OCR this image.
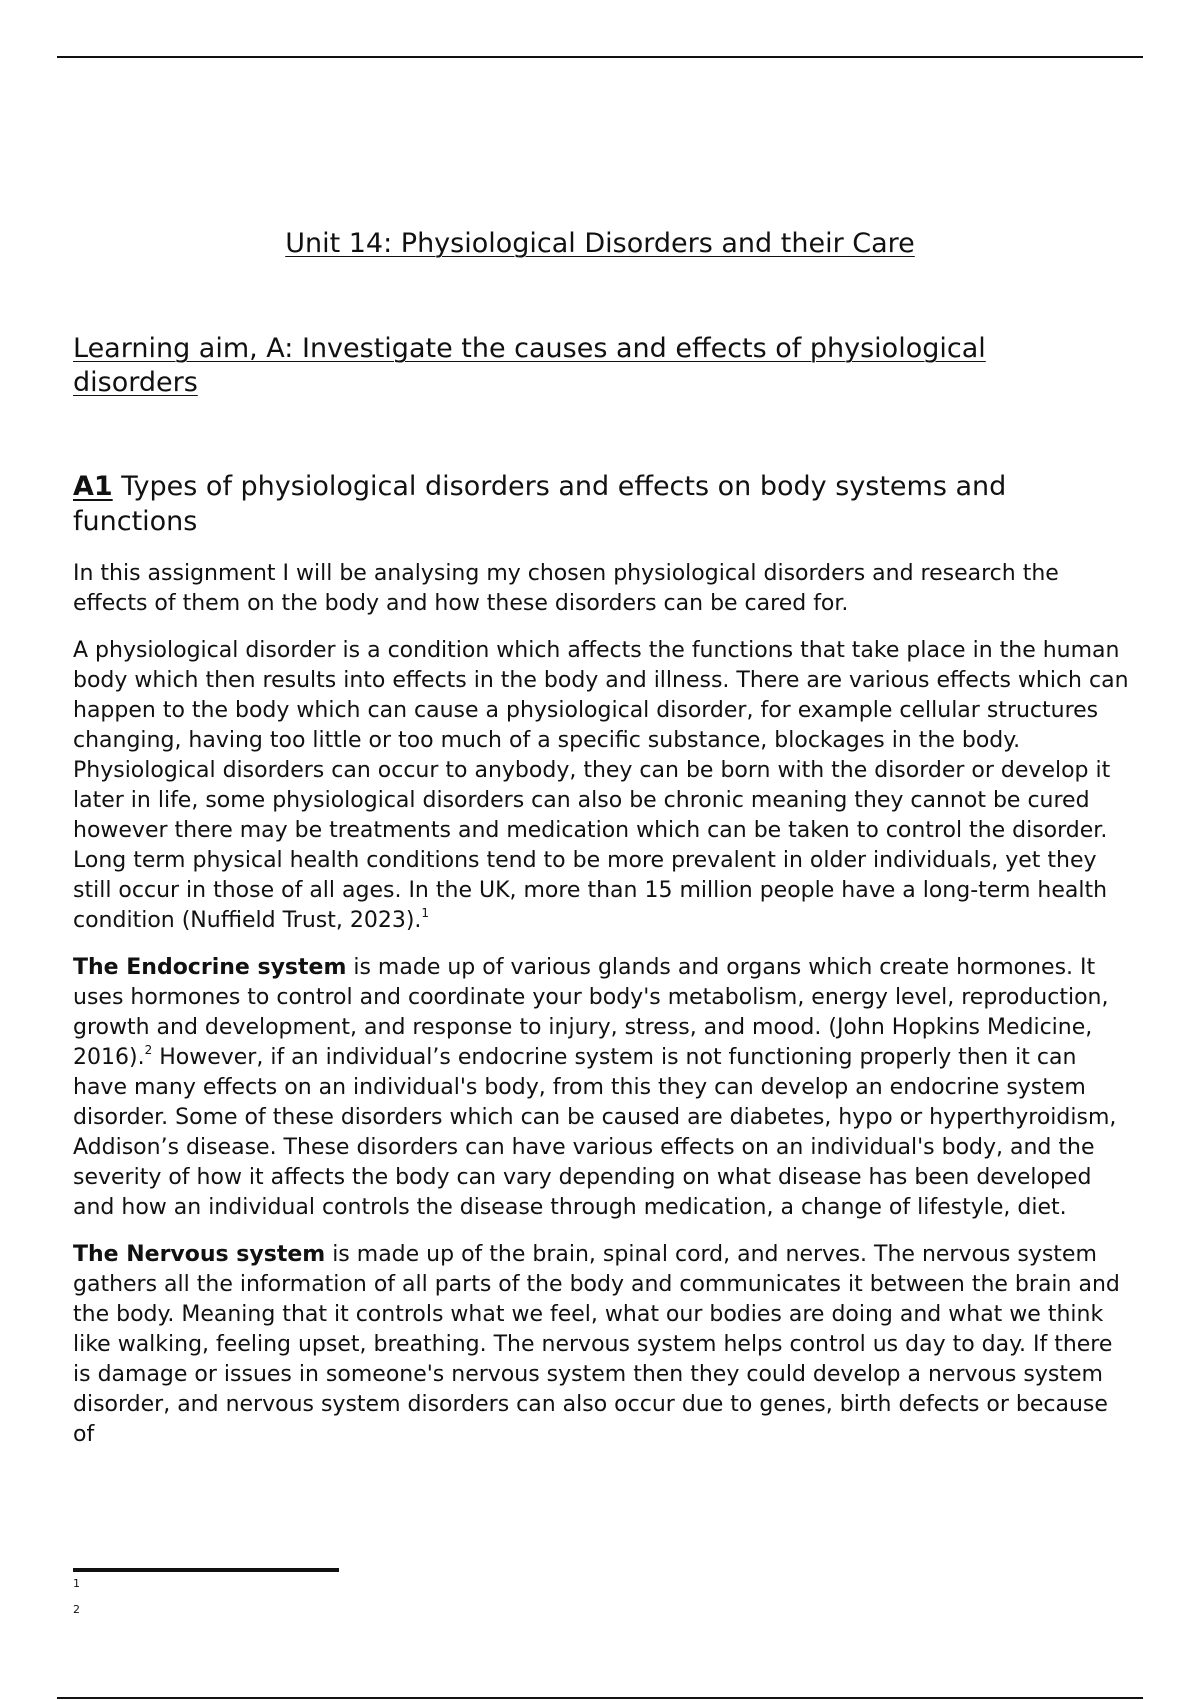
Unit 14: Physiological Disorders and their Care
Learning aim, A: Investigate the causes and effects of physiological disorders
A1 Types of physiological disorders and effects on body systems and functions

In this assignment I will be analysing my chosen physiological disorders and research the effects of them on the body and how these disorders can be cared for.

A physiological disorder is a condition which affects the functions that take place in the human body which then results into effects in the body and illness. There are various effects which can happen to the body which can cause a physiological disorder, for example cellular structures changing, having too little or too much of a specific substance, blockages in the body. Physiological disorders can occur to anybody, they can be born with the disorder or develop it later in life, some physiological disorders can also be chronic meaning they cannot be cured however there may be treatments and medication which can be taken to control the disorder. Long term physical health conditions tend to be more prevalent in older individuals, yet they still occur in those of all ages. In the UK, more than 15 million people have a long-term health condition (Nuffield Trust, 2023).$^1$

The Endocrine system is made up of various glands and organs which create hormones. It uses hormones to control and coordinate your body's metabolism, energy level, reproduction, growth and development, and response to injury, stress, and mood. (John Hopkins Medicine, 2016).$^2$ However, if an individual’s endocrine system is not functioning properly then it can have many effects on an individual's body, from this they can develop an endocrine system disorder. Some of these disorders which can be caused are diabetes, hypo or hyperthyroidism, Addison’s disease. These disorders can have various effects on an individual's body, and the severity of how it affects the body can vary depending on what disease has been developed and how an individual controls the disease through medication, a change of lifestyle, diet.

The Nervous system is made up of the brain, spinal cord, and nerves. The nervous system gathers all the information of all parts of the body and communicates it between the brain and the body. Meaning that it controls what we feel, what our bodies are doing and what we think like walking, feeling upset, breathing. The nervous system helps control us day to day. If there is damage or issues in someone's nervous system then they could develop a nervous system disorder, and nervous system disorders can also occur due to genes, birth defects or because of

1
2
